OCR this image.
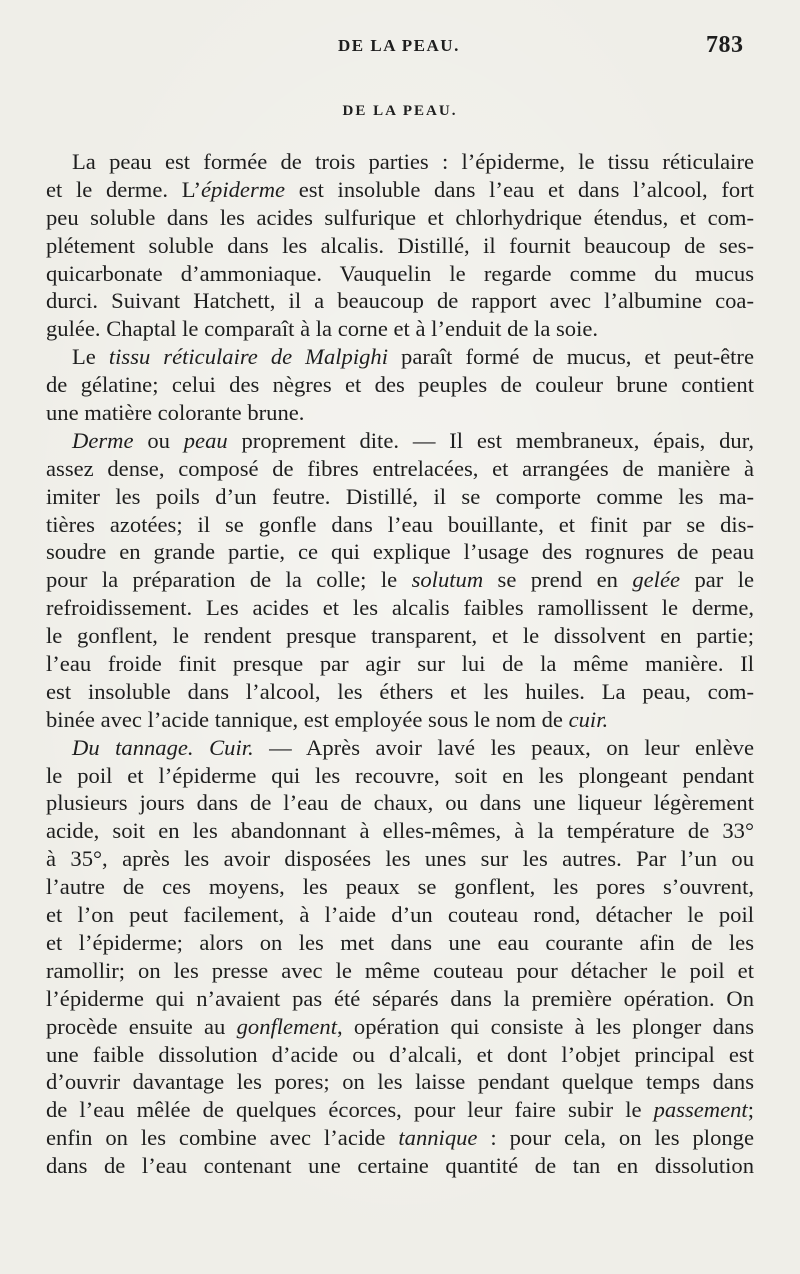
DE LA PEAU.	783
DE LA PEAU.
La peau est formée de trois parties : l’épiderme, le tissu réticulaire
et le derme. L’épiderme est insoluble dans l’eau et dans l’alcool, fort
peu soluble dans les acides sulfurique et chlorhydrique étendus, et com-
plétement soluble dans les alcalis. Distillé, il fournit beaucoup de ses-
quicarbonate d’ammoniaque. Vauquelin le regarde comme du mucus
durci. Suivant Hatchett, il a beaucoup de rapport avec l’albumine coa-
gulée. Chaptal le comparaît à la corne et à l’enduit de la soie.
Le tissu réticulaire de Malpighi paraît formé de mucus, et peut-être
de gélatine; celui des nègres et des peuples de couleur brune contient
une matière colorante brune.
Derme ou peau proprement dite. — Il est membraneux, épais, dur,
assez dense, composé de fibres entrelacées, et arrangées de manière à
imiter les poils d’un feutre. Distillé, il se comporte comme les ma-
tières azotées; il se gonfle dans l’eau bouillante, et finit par se dis-
soudre en grande partie, ce qui explique l’usage des rognures de peau
pour la préparation de la colle; le solutum se prend en gelée par le
refroidissement. Les acides et les alcalis faibles ramollissent le derme,
le gonflent, le rendent presque transparent, et le dissolvent en partie;
l’eau froide finit presque par agir sur lui de la même manière. Il
est insoluble dans l’alcool, les éthers et les huiles. La peau, com-
binée avec l’acide tannique, est employée sous le nom de cuir.
Du tannage. Cuir. — Après avoir lavé les peaux, on leur enlève
le poil et l’épiderme qui les recouvre, soit en les plongeant pendant
plusieurs jours dans de l’eau de chaux, ou dans une liqueur légèrement
acide, soit en les abandonnant à elles-mêmes, à la température de 33°
à 35°, après les avoir disposées les unes sur les autres. Par l’un ou
l’autre de ces moyens, les peaux se gonflent, les pores s’ouvrent,
et l’on peut facilement, à l’aide d’un couteau rond, détacher le poil
et l’épiderme; alors on les met dans une eau courante afin de les
ramollir; on les presse avec le même couteau pour détacher le poil et
l’épiderme qui n’avaient pas été séparés dans la première opération. On
procède ensuite au gonflement, opération qui consiste à les plonger dans
une faible dissolution d’acide ou d’alcali, et dont l’objet principal est
d’ouvrir davantage les pores; on les laisse pendant quelque temps dans
de l’eau mêlée de quelques écorces, pour leur faire subir le passement;
enfin on les combine avec l’acide tannique : pour cela, on les plonge
dans de l’eau contenant une certaine quantité de tan en dissolution
